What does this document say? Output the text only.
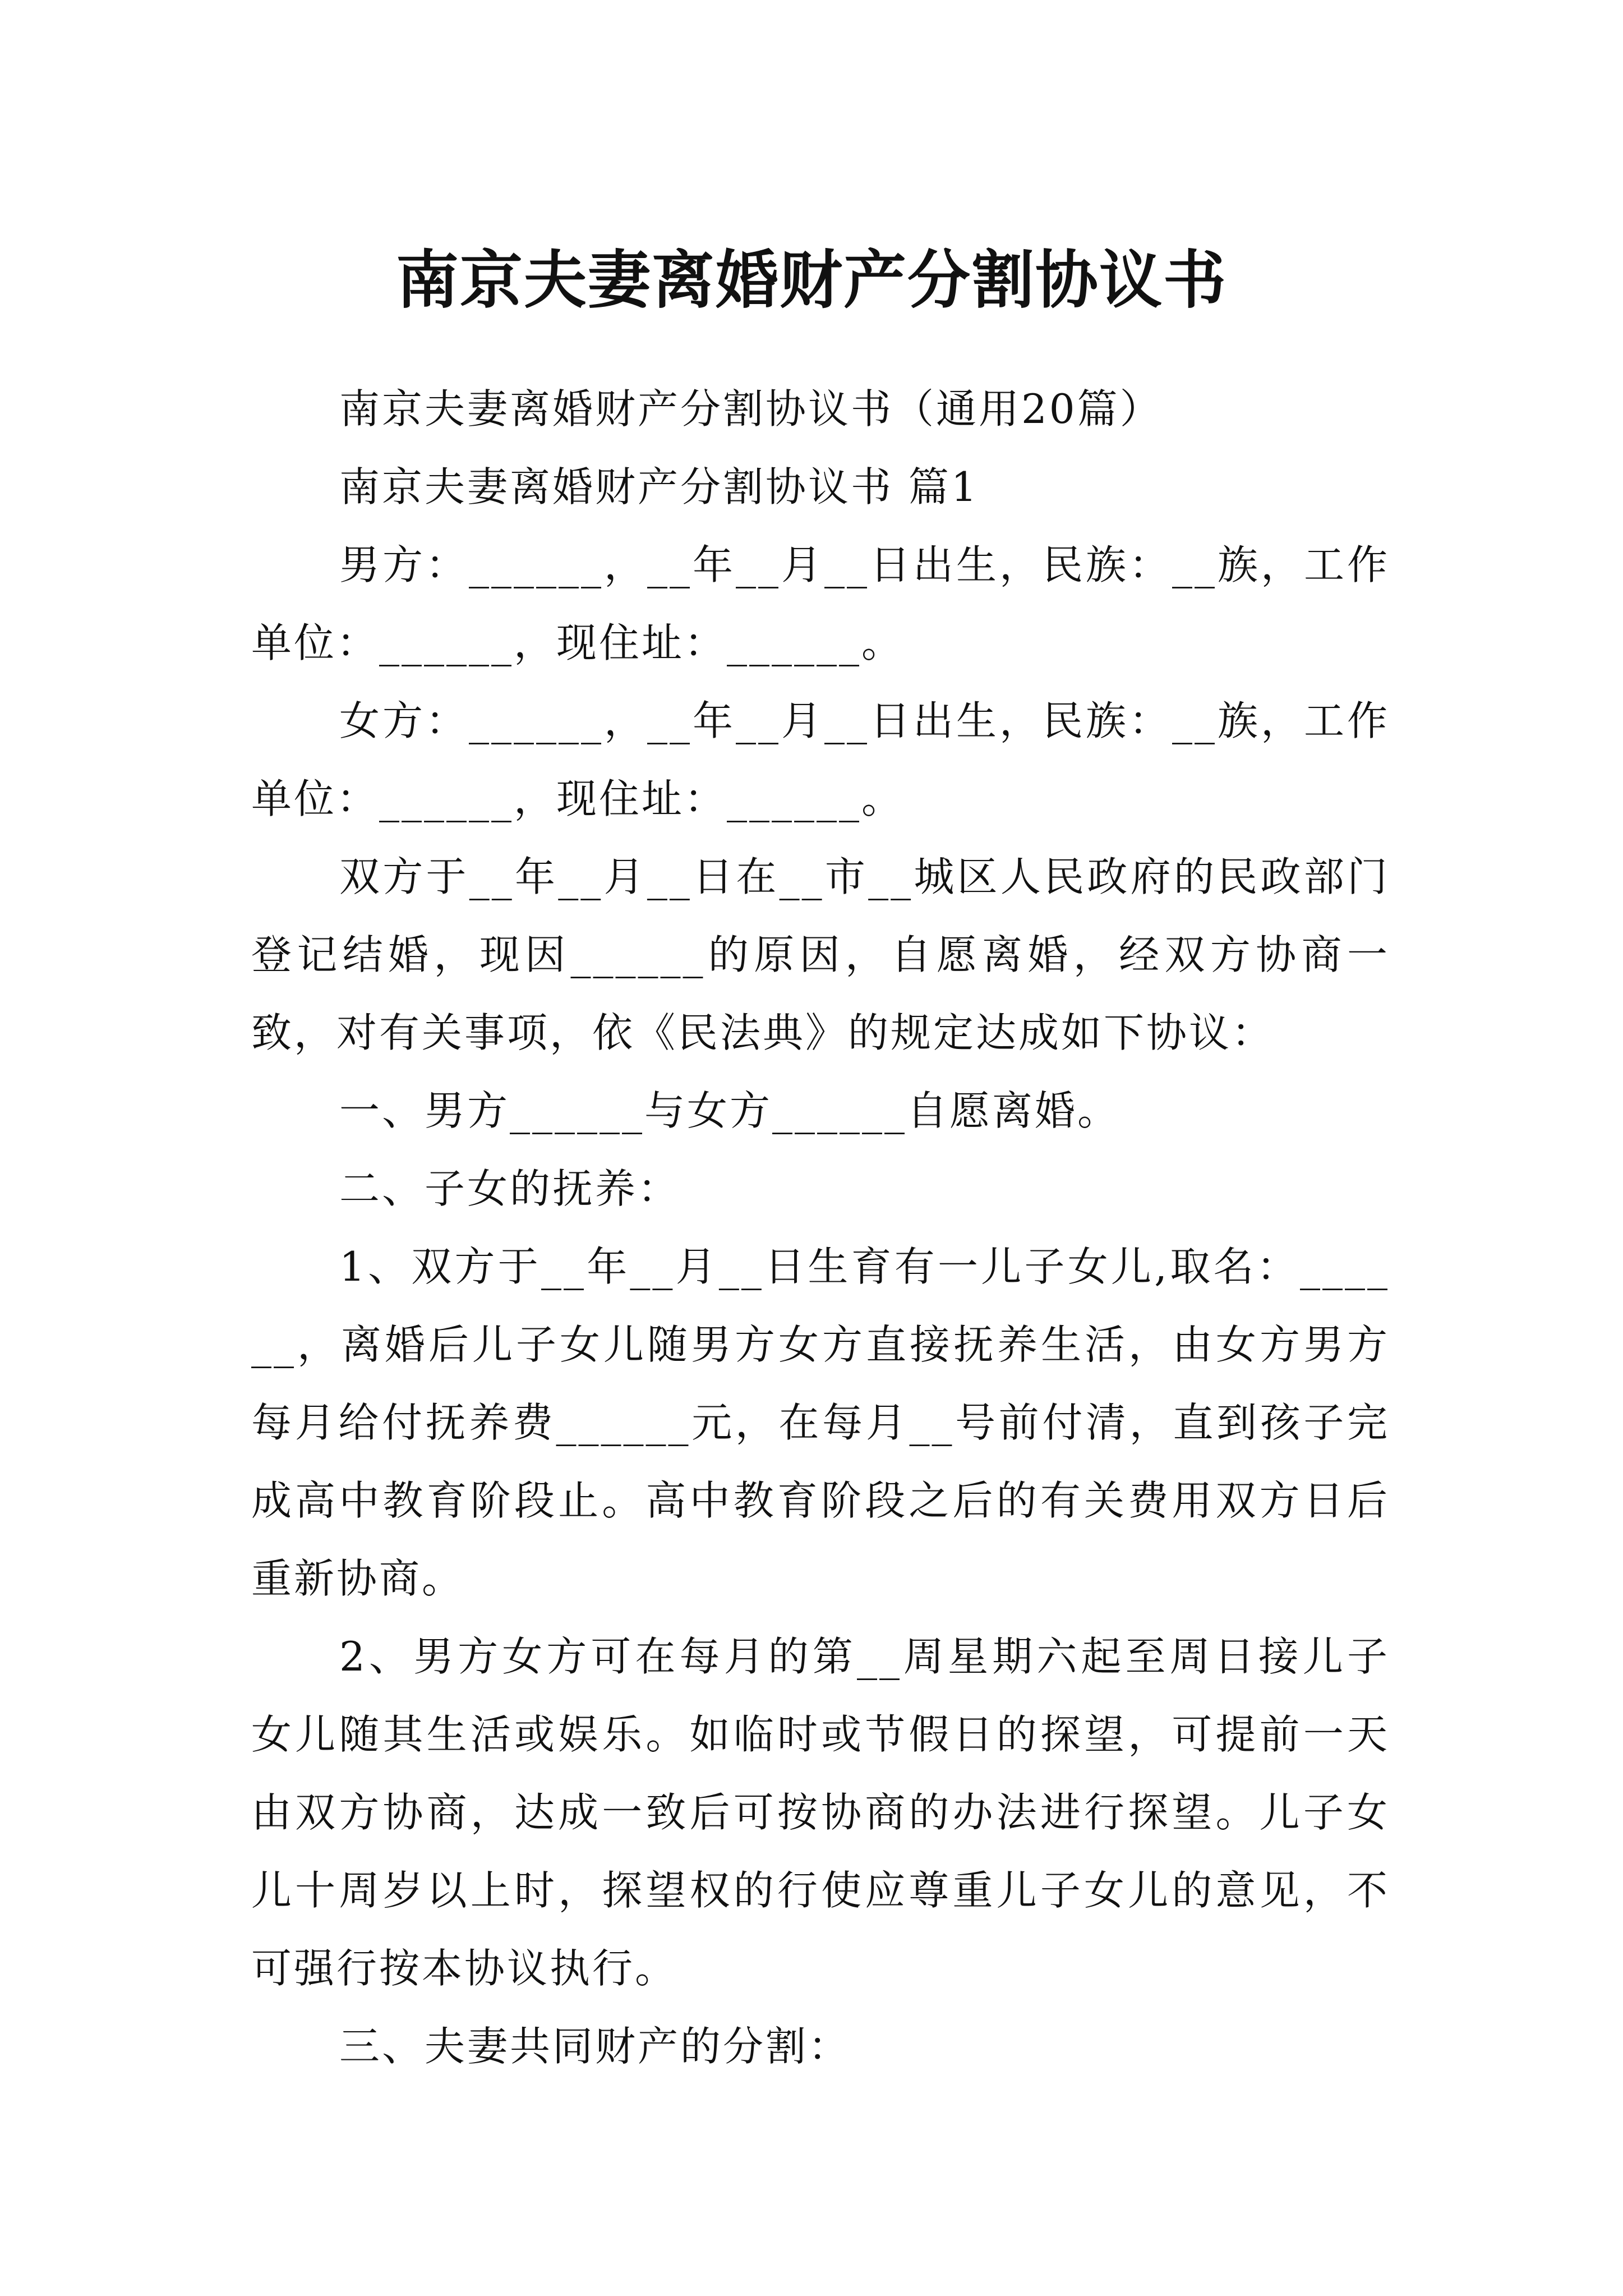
南京夫妻离婚财产分割协议书

南京夫妻离婚财产分割协议书（通用20篇）

南京夫妻离婚财产分割协议书 篇1

男方：______，__年__月__日出生，民族：__族，工作单位：______，现住址：______。

女方：______，__年__月__日出生，民族：__族，工作单位：______，现住址：______。

双方于__年__月__日在__市__城区人民政府的民政部门登记结婚，现因______的原因，自愿离婚，经双方协商一致，对有关事项，依《民法典》的规定达成如下协议：

一、男方______与女方______自愿离婚。

二、子女的抚养：

1、双方于__年__月__日生育有一儿子女儿,取名：______，离婚后儿子女儿随男方女方直接抚养生活，由女方男方每月给付抚养费______元，在每月__号前付清，直到孩子完成高中教育阶段止。高中教育阶段之后的有关费用双方日后重新协商。

2、男方女方可在每月的第__周星期六起至周日接儿子女儿随其生活或娱乐。如临时或节假日的探望，可提前一天由双方协商，达成一致后可按协商的办法进行探望。儿子女儿十周岁以上时，探望权的行使应尊重儿子女儿的意见，不可强行按本协议执行。

三、夫妻共同财产的分割：
